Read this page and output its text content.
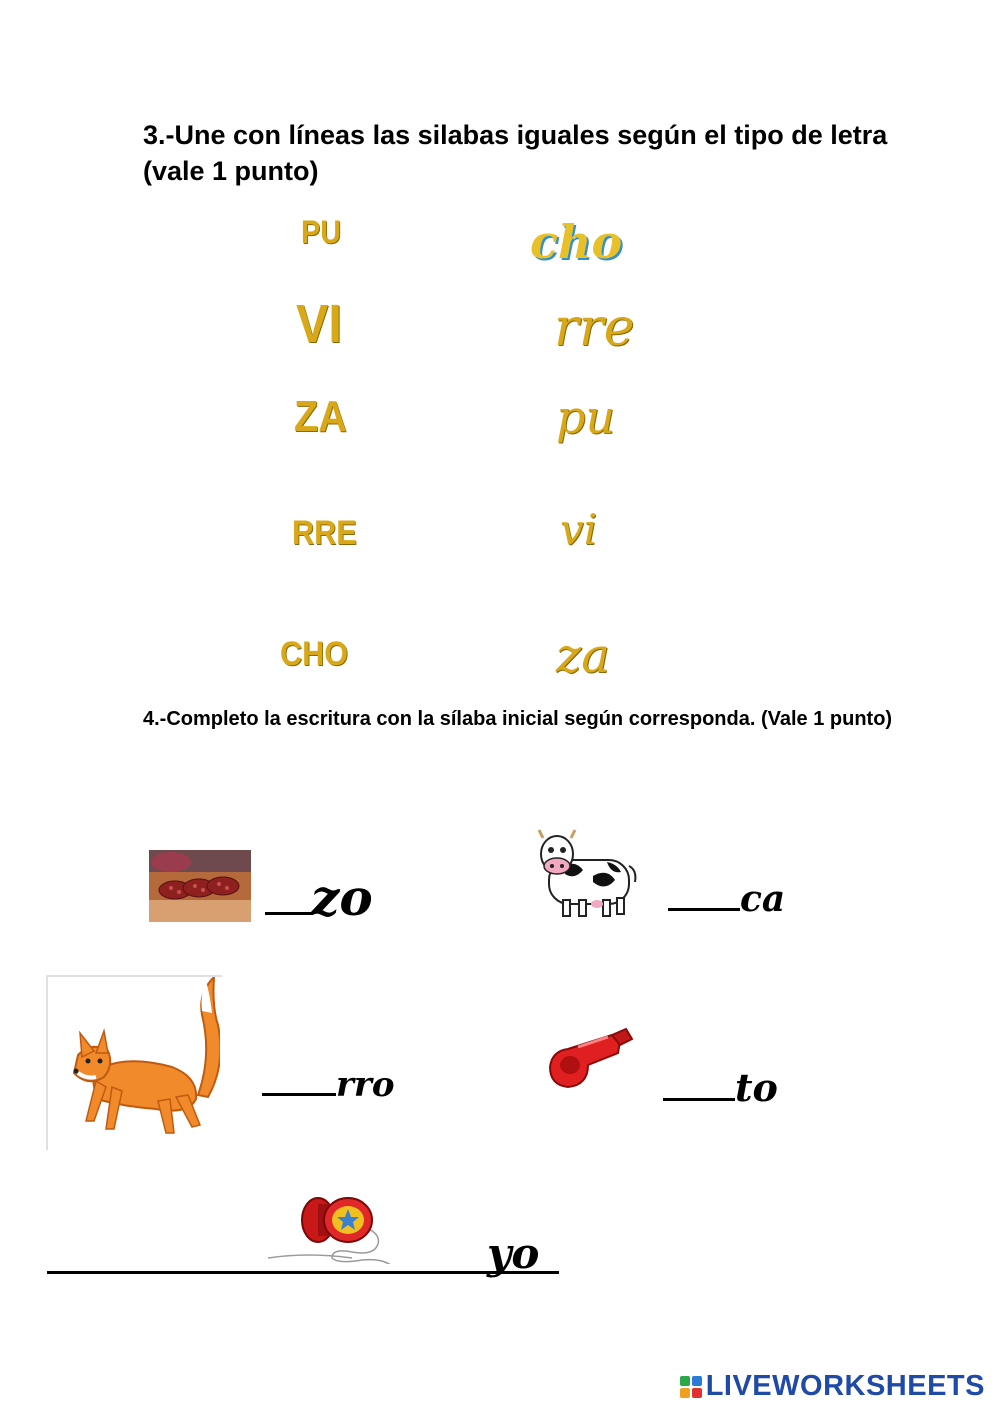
3.-Une con líneas las silabas iguales según el tipo de letra (vale 1 punto)
PU
VI
ZA
RRE
CHO
cho
rre
pu
vi
za
4.-Completo la escritura con la sílaba inicial según corresponda. (Vale 1 punto)
zo	ca
rro	to
yo
LIVEWORKSHEETS
